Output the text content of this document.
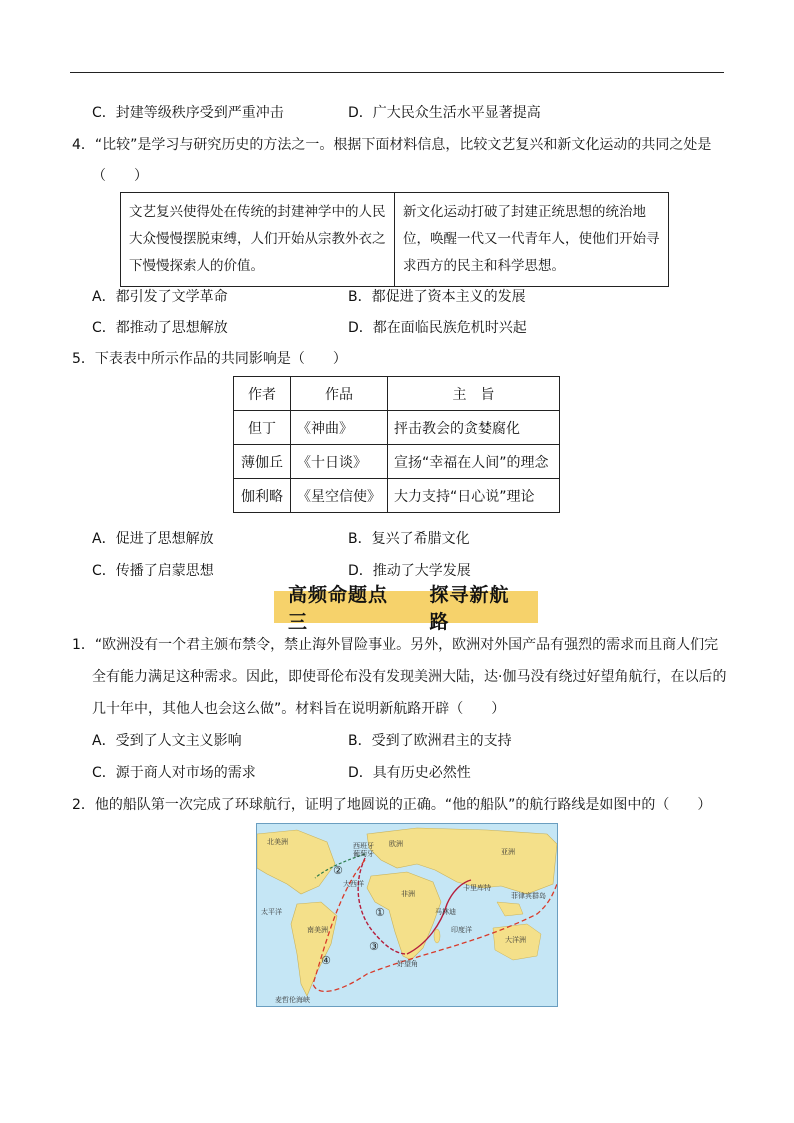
C．封建等级秩序受到严重冲击	D．广大民众生活水平显著提高
4．“比较”是学习与研究历史的方法之一。根据下面材料信息，比较文艺复兴和新文化运动的共同之处是
（　　）
文艺复兴使得处在传统的封建神学中的人民大众慢慢摆脱束缚，人们开始从宗教外衣之下慢慢探索人的价值。

新文化运动打破了封建正统思想的统治地位，唤醒一代又一代青年人，使他们开始寻求西方的民主和科学思想。
A．都引发了文学革命	B．都促进了资本主义的发展
C．都推动了思想解放	D．都在面临民族危机时兴起
5．下表表中所示作品的共同影响是（　　）
作者	作品	主　旨
但丁	《神曲》	抨击教会的贪婪腐化
薄伽丘	《十日谈》	宣扬“幸福在人间”的理念
伽利略	《星空信使》	大力支持“日心说”理论
A．促进了思想解放	B．复兴了希腊文化
C．传播了启蒙思想	D．推动了大学发展
高频命题点三
探寻新航路
1．“欧洲没有一个君主颁布禁令，禁止海外冒险事业。另外，欧洲对外国产品有强烈的需求而且商人们完
全有能力满足这种需求。因此，即使哥伦布没有发现美洲大陆，达·伽马没有绕过好望角航行，在以后的
几十年中，其他人也会这么做”。材料旨在说明新航路开辟（　　）
A．受到了人文主义影响	B．受到了欧洲君主的支持
C．源于商人对市场的需求	D．具有历史必然性
2．他的船队第一次完成了环球航行，证明了地圆说的正确。“他的船队”的航行路线是如图中的（　　）
①
②
③
④
北美洲
南美洲
欧洲
非洲
亚洲
大洋洲
大西洋
太平洋
印度洋
好望角
麦哲伦海峡
卡里库特
菲律宾群岛
马林迪
西班牙
葡萄牙
